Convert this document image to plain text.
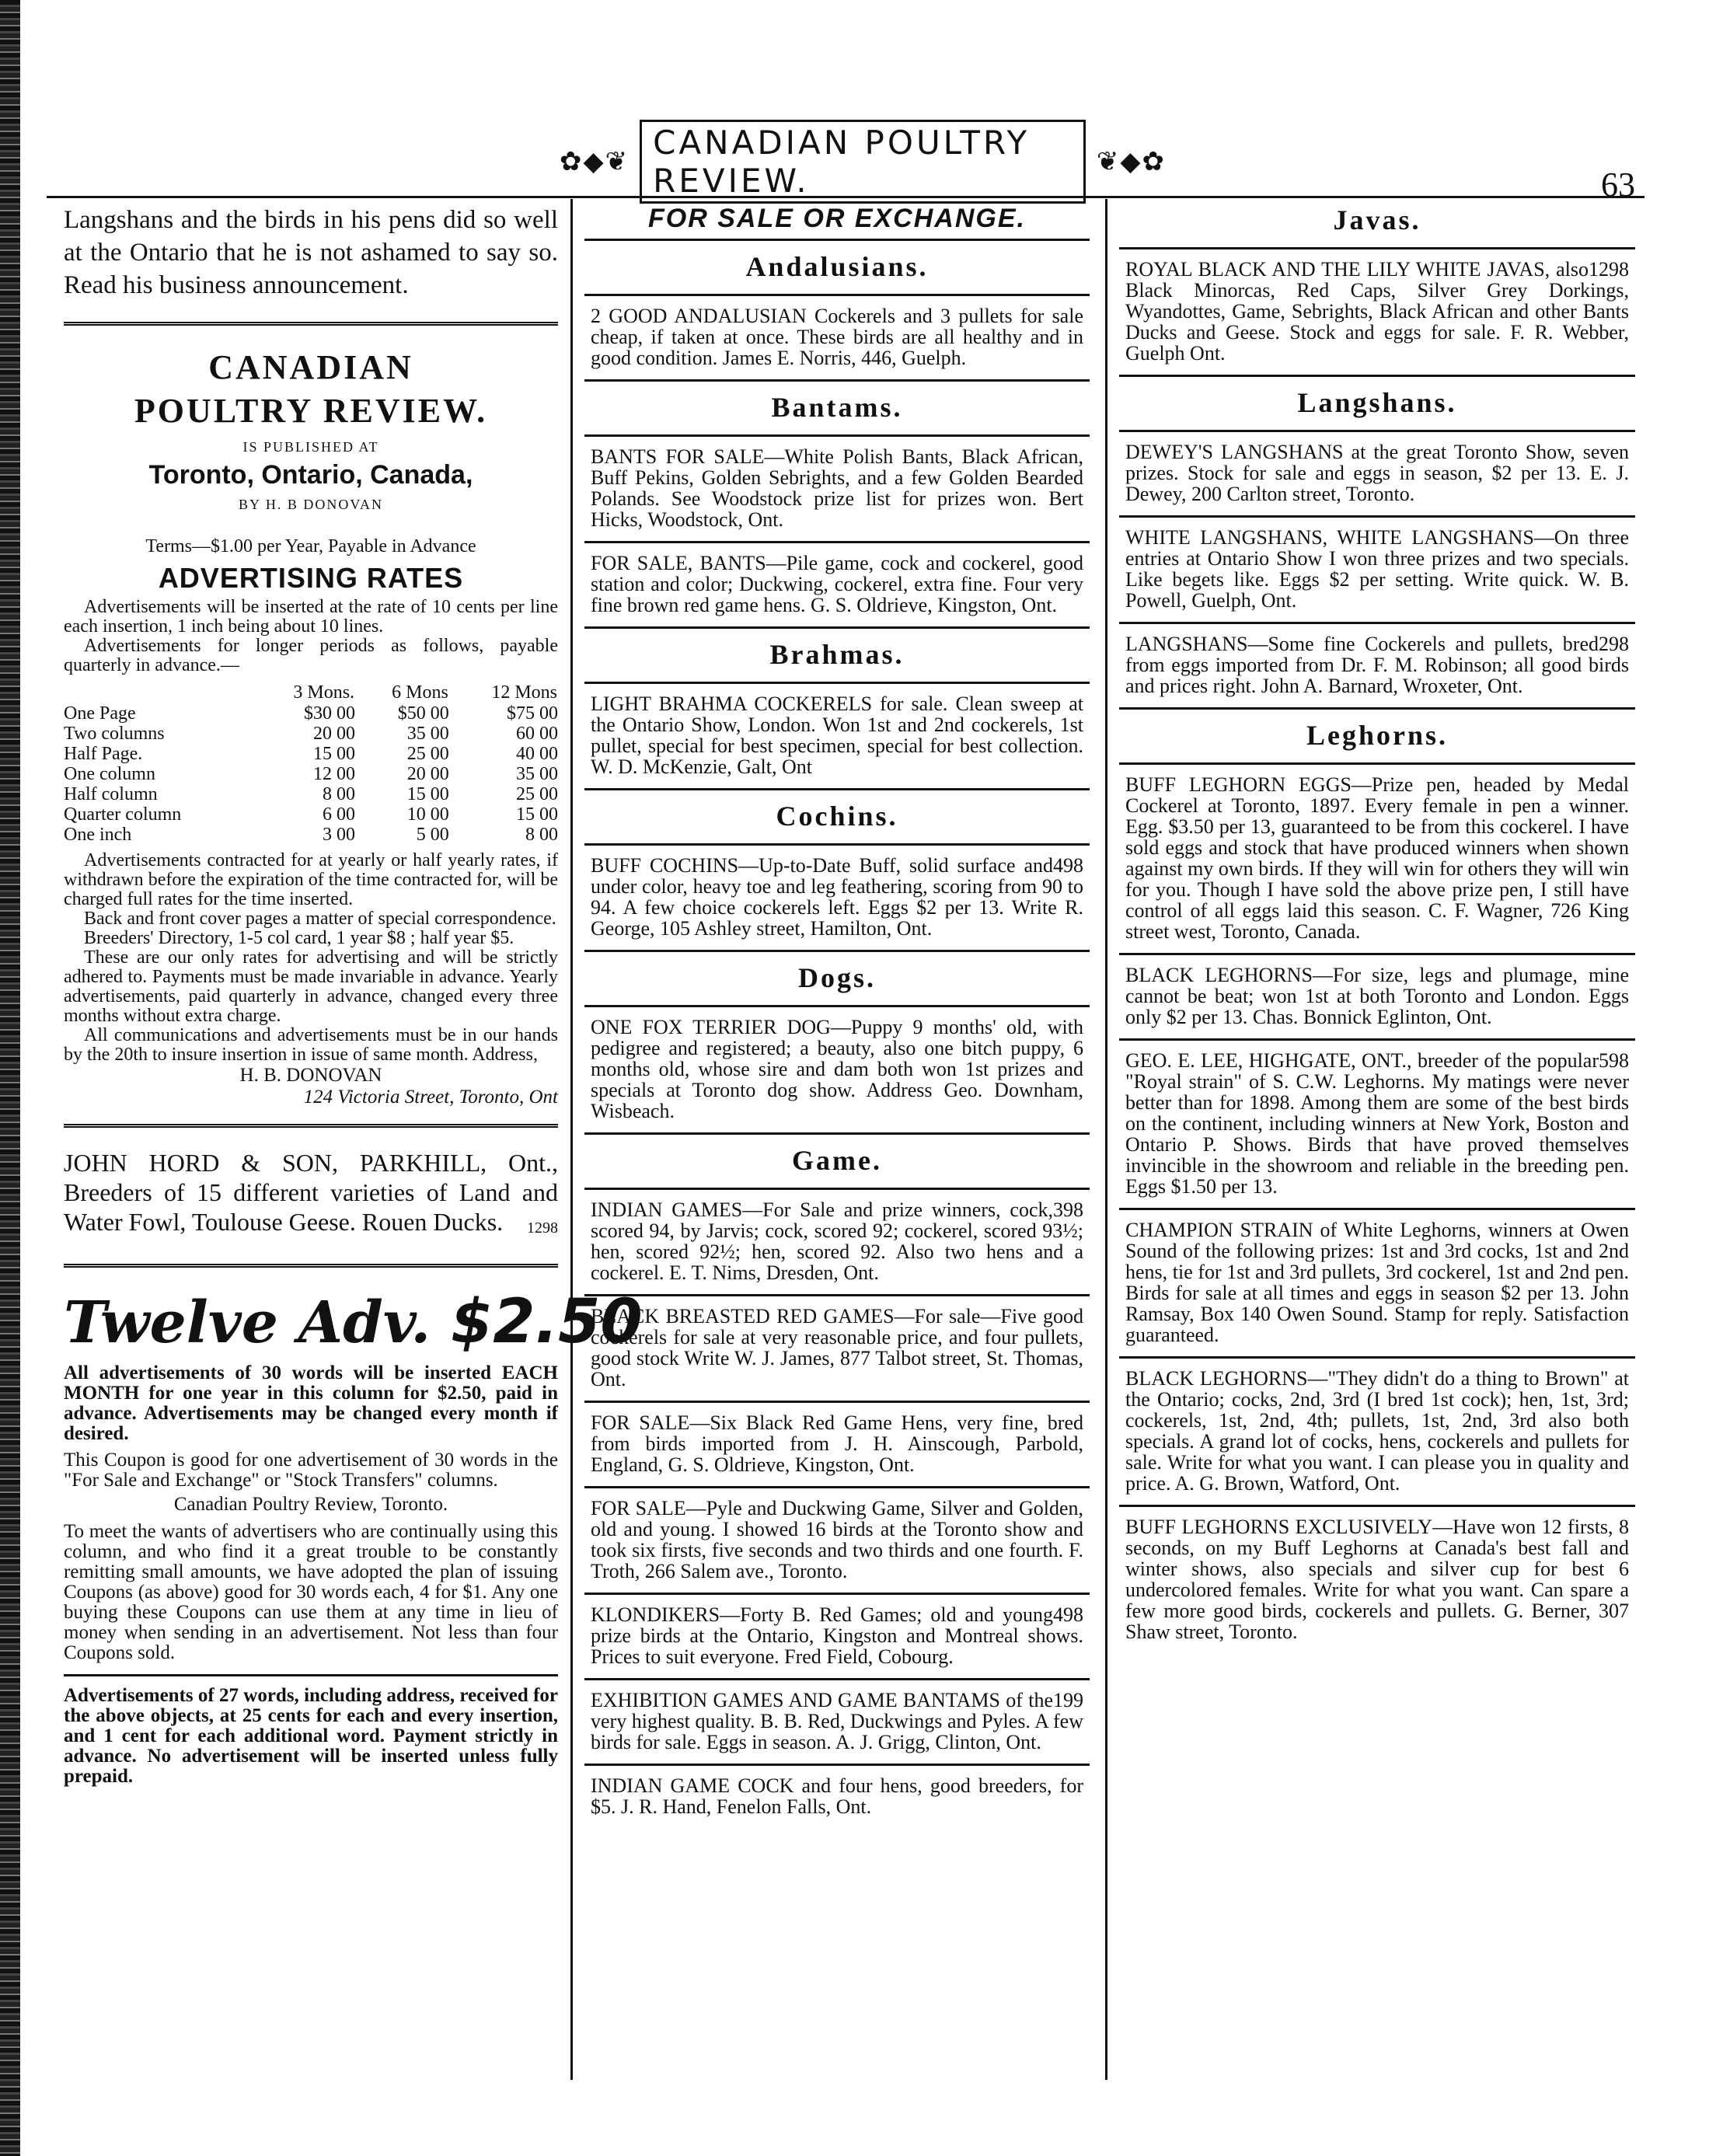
✿◆❦ CANADIAN POULTRY REVIEW.	❦◆✿
63

Langshans and the birds in his pens did so well at the Ontario that he is not ashamed to say so. Read his business announcement.

CANADIAN
POULTRY REVIEW.
IS PUBLISHED AT
Toronto, Ontario, Canada,
BY H. B DONOVAN
Terms—$1.00 per Year, Payable in Advance
ADVERTISING RATES

Advertisements will be inserted at the rate of 10 cents per line each insertion, 1 inch being about 10 lines.

Advertisements for longer periods as follows, payable quarterly in advance.—

	3 Mons.	6 Mons	12 Mons
One Page	$30 00	$50 00	$75 00
Two columns	20 00	35 00	60 00
Half Page.	15 00	25 00	40 00
One column	12 00	20 00	35 00
Half column	8 00	15 00	25 00
Quarter column	6 00	10 00	15 00
One inch	3 00	5 00	8 00

Advertisements contracted for at yearly or half yearly rates, if withdrawn before the expiration of the time contracted for, will be charged full rates for the time inserted.

Back and front cover pages a matter of special correspondence.

Breeders' Directory, 1-5 col card, 1 year $8 ; half year $5.

These are our only rates for advertising and will be strictly adhered to. Payments must be made invariable in advance. Yearly advertisements, paid quarterly in advance, changed every three months without extra charge.

All communications and advertisements must be in our hands by the 20th to insure insertion in issue of same month. Address,

H. B. DONOVAN
124 Victoria Street, Toronto, Ont

JOHN HORD & SON, PARKHILL, Ont., Breeders of 15 different varieties of Land and Water Fowl, Toulouse Geese. Rouen Ducks.	1298
Twelve Adv. $2.50

All advertisements of 30 words will be inserted EACH MONTH for one year in this column for $2.50, paid in advance. Advertisements may be changed every month if desired.

This Coupon is good for one advertisement of 30 words in the "For Sale and Exchange" or "Stock Transfers" columns.

Canadian Poultry Review, Toronto.

To meet the wants of advertisers who are continually using this column, and who find it a great trouble to be constantly remitting small amounts, we have adopted the plan of issuing Coupons (as above) good for 30 words each, 4 for $1. Any one buying these Coupons can use them at any time in lieu of money when sending in an advertisement. Not less than four Coupons sold.

Advertisements of 27 words, including address, received for the above objects, at 25 cents for each and every insertion, and 1 cent for each additional word. Payment strictly in advance. No advertisement will be inserted unless fully prepaid.

FOR SALE OR EXCHANGE.
Andalusians.

2 GOOD ANDALUSIAN Cockerels and 3 pullets for sale cheap, if taken at once. These birds are all healthy and in good condition. James E. Norris, 446, Guelph.

Bantams.

BANTS FOR SALE—White Polish Bants, Black African, Buff Pekins, Golden Sebrights, and a few Golden Bearded Polands. See Woodstock prize list for prizes won. Bert Hicks, Woodstock, Ont.

FOR SALE, BANTS—Pile game, cock and cockerel, good station and color; Duckwing, cockerel, extra fine. Four very fine brown red game hens. G. S. Oldrieve, Kingston, Ont.

Brahmas.

LIGHT BRAHMA COCKERELS for sale. Clean sweep at the Ontario Show, London. Won 1st and 2nd cockerels, 1st pullet, special for best specimen, special for best collection. W. D. McKenzie, Galt, Ont

Cochins.

498
BUFF COCHINS—Up-to-Date Buff, solid surface and under color, heavy toe and leg feathering, scoring from 90 to 94. A few choice cockerels left. Eggs $2 per 13. Write R. George, 105 Ashley street, Hamilton, Ont.

Dogs.

ONE FOX TERRIER DOG—Puppy 9 months' old, with pedigree and registered; a beauty, also one bitch puppy, 6 months old, whose sire and dam both won 1st prizes and specials at Toronto dog show. Address Geo. Downham, Wisbeach.

Game.

398
INDIAN GAMES—For Sale and prize winners, cock, scored 94, by Jarvis; cock, scored 92; cockerel, scored 93½; hen, scored 92½; hen, scored 92. Also two hens and a cockerel. E. T. Nims, Dresden, Ont.

BLACK BREASTED RED GAMES—For sale—Five good cockerels for sale at very reasonable price, and four pullets, good stock Write W. J. James, 877 Talbot street, St. Thomas, Ont.

FOR SALE—Six Black Red Game Hens, very fine, bred from birds imported from J. H. Ainscough, Parbold, England, G. S. Oldrieve, Kingston, Ont.

FOR SALE—Pyle and Duckwing Game, Silver and Golden, old and young. I showed 16 birds at the Toronto show and took six firsts, five seconds and two thirds and one fourth. F. Troth, 266 Salem ave., Toronto.

498
KLONDIKERS—Forty B. Red Games; old and young prize birds at the Ontario, Kingston and Montreal shows. Prices to suit everyone. Fred Field, Cobourg.

199
EXHIBITION GAMES AND GAME BANTAMS of the very highest quality. B. B. Red, Duckwings and Pyles. A few birds for sale. Eggs in season. A. J. Grigg, Clinton, Ont.

INDIAN GAME COCK and four hens, good breeders, for $5. J. R. Hand, Fenelon Falls, Ont.

Javas.

1298
ROYAL BLACK AND THE LILY WHITE JAVAS, also Black Minorcas, Red Caps, Silver Grey Dorkings, Wyandottes, Game, Sebrights, Black African and other Bants Ducks and Geese. Stock and eggs for sale. F. R. Webber, Guelph Ont.

Langshans.

DEWEY'S LANGSHANS at the great Toronto Show, seven prizes. Stock for sale and eggs in season, $2 per 13. E. J. Dewey, 200 Carlton street, Toronto.

WHITE LANGSHANS, WHITE LANGSHANS—On three entries at Ontario Show I won three prizes and two specials. Like begets like. Eggs $2 per setting. Write quick. W. B. Powell, Guelph, Ont.

298
LANGSHANS—Some fine Cockerels and pullets, bred from eggs imported from Dr. F. M. Robinson; all good birds and prices right. John A. Barnard, Wroxeter, Ont.

Leghorns.

BUFF LEGHORN EGGS—Prize pen, headed by Medal Cockerel at Toronto, 1897. Every female in pen a winner. Egg. $3.50 per 13, guaranteed to be from this cockerel. I have sold eggs and stock that have produced winners when shown against my own birds. If they will win for others they will win for you. Though I have sold the above prize pen, I still have control of all eggs laid this season. C. F. Wagner, 726 King street west, Toronto, Canada.

BLACK LEGHORNS—For size, legs and plumage, mine cannot be beat; won 1st at both Toronto and London. Eggs only $2 per 13. Chas. Bonnick Eglinton, Ont.

598
GEO. E. LEE, HIGHGATE, ONT., breeder of the popular "Royal strain" of S. C.W. Leghorns. My matings were never better than for 1898. Among them are some of the best birds on the continent, including winners at New York, Boston and Ontario P. Shows. Birds that have proved themselves invincible in the showroom and reliable in the breeding pen. Eggs $1.50 per 13.

CHAMPION STRAIN of White Leghorns, winners at Owen Sound of the following prizes: 1st and 3rd cocks, 1st and 2nd hens, tie for 1st and 3rd pullets, 3rd cockerel, 1st and 2nd pen. Birds for sale at all times and eggs in season $2 per 13. John Ramsay, Box 140 Owen Sound. Stamp for reply. Satisfaction guaranteed.

BLACK LEGHORNS—"They didn't do a thing to Brown" at the Ontario; cocks, 2nd, 3rd (I bred 1st cock); hen, 1st, 3rd; cockerels, 1st, 2nd, 4th; pullets, 1st, 2nd, 3rd also both specials. A grand lot of cocks, hens, cockerels and pullets for sale. Write for what you want. I can please you in quality and price. A. G. Brown, Watford, Ont.

BUFF LEGHORNS EXCLUSIVELY—Have won 12 firsts, 8 seconds, on my Buff Leghorns at Canada's best fall and winter shows, also specials and silver cup for best 6 undercolored females. Write for what you want. Can spare a few more good birds, cockerels and pullets. G. Berner, 307 Shaw street, Toronto.
